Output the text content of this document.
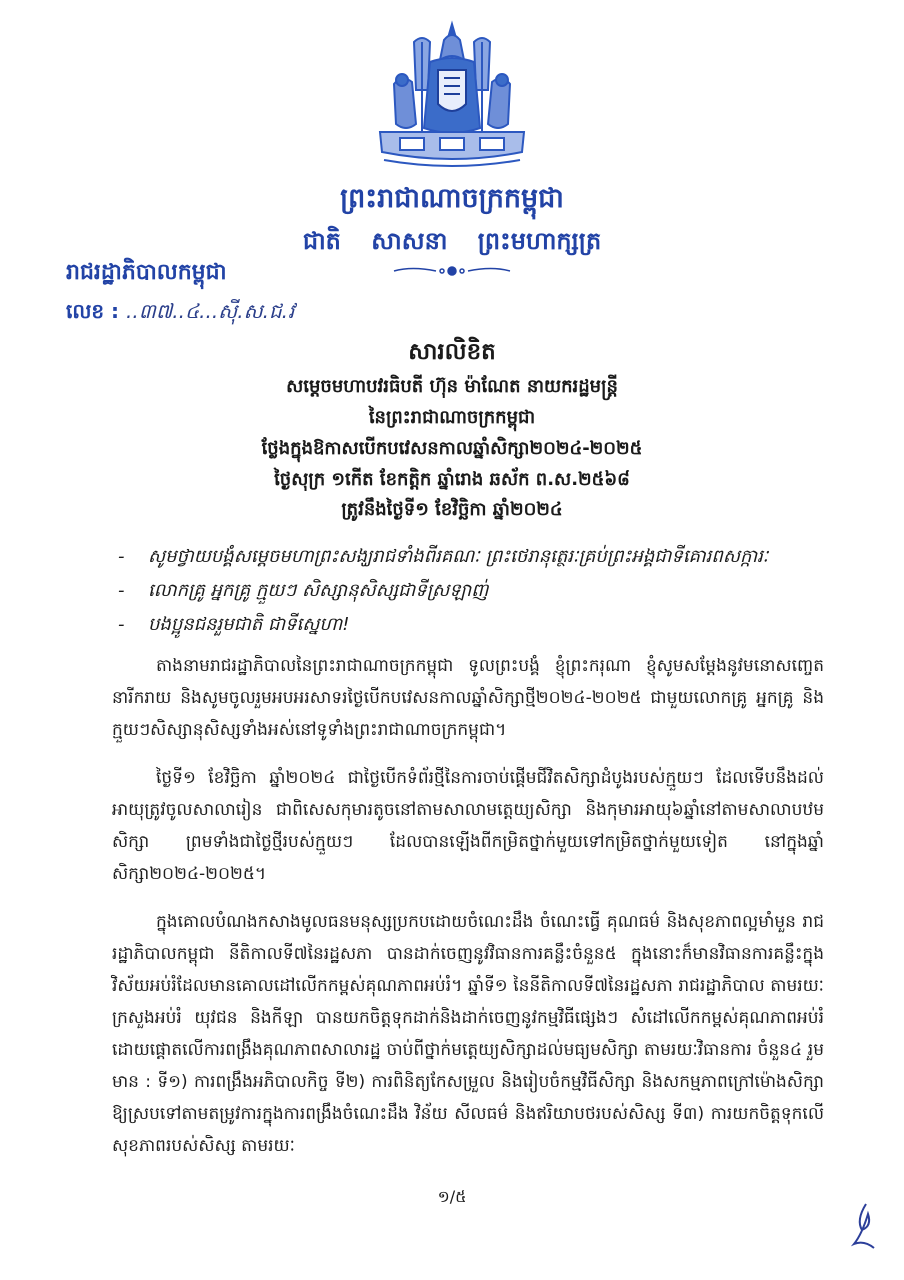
ព្រះរាជាណាចក្រកម្ពុជា
ជាតិ សាសនា ព្រះមហាក្សត្រ
រាជរដ្ឋាភិបាលកម្ពុជា
លេខ : ..៣៧..៤...ស៊ី.ស.ជ.វ
សារលិខិត
សម្ដេចមហាបវរធិបតី ហ៊ុន ម៉ាណែត នាយករដ្ឋមន្ត្រី
នៃព្រះរាជាណាចក្រកម្ពុជា
ថ្លែងក្នុងឱកាសបើកបវេសនកាលឆ្នាំសិក្សា២០២៤-២០២៥
ថ្ងៃសុក្រ ១កើត ខែកត្ដិក ឆ្នាំរោង ឆស័ក ព.ស.២៥៦៨
ត្រូវនឹងថ្ងៃទី១ ខែវិច្ឆិកា ឆ្នាំ២០២៤
- សូមថ្វាយបង្គំសម្ដេចមហាព្រះសង្ឃរាជទាំងពីរគណៈ ព្រះថេរានុត្ថេរៈគ្រប់ព្រះអង្គជាទីគោរពសក្ការៈ
- លោកគ្រូ អ្នកគ្រូ ក្មួយៗ សិស្សានុសិស្សជាទីស្រឡាញ់
- បងប្អូនជនរួមជាតិ ជាទីស្នេហា!
តាងនាមរាជរដ្ឋាភិបាលនៃព្រះរាជាណាចក្រកម្ពុជា ទូលព្រះបង្គំ ខ្ញុំព្រះករុណា ខ្ញុំសូមសម្ដែងនូវមនោសញ្ចេតនារីករាយ និងសូមចូលរួមអបអរសាទរថ្ងៃបើកបវេសនកាលឆ្នាំសិក្សាថ្មី២០២៤-២០២៥ ជាមួយលោកគ្រូ អ្នកគ្រូ និងក្មួយៗសិស្សានុសិស្សទាំងអស់នៅទូទាំងព្រះរាជាណាចក្រកម្ពុជា។
ថ្ងៃទី១ ខែវិច្ឆិកា ឆ្នាំ២០២៤ ជាថ្ងៃបើកទំព័រថ្មីនៃការចាប់ផ្ដើមជីវិតសិក្សាដំបូងរបស់ក្មួយៗ ដែលទើបនឹងដល់អាយុត្រូវចូលសាលារៀន ជាពិសេសកុមារតូចនៅតាមសាលាមត្តេយ្យសិក្សា និងកុមារអាយុ៦ឆ្នាំនៅតាមសាលាបឋមសិក្សា ព្រមទាំងជាថ្ងៃថ្មីរបស់ក្មួយៗ ដែលបានឡើងពីកម្រិតថ្នាក់មួយទៅកម្រិតថ្នាក់មួយទៀត នៅក្នុងឆ្នាំសិក្សា២០២៤-២០២៥។
ក្នុងគោលបំណងកសាងមូលធនមនុស្សប្រកបដោយចំណេះដឹង ចំណេះធ្វើ គុណធម៌ និងសុខភាពល្អមាំមួន រាជរដ្ឋាភិបាលកម្ពុជា នីតិកាលទី៧នៃរដ្ឋសភា បានដាក់ចេញនូវវិធានការគន្លឹះចំនួន៥ ក្នុងនោះក៏មានវិធានការគន្លឹះក្នុងវិស័យអប់រំដែលមានគោលដៅលើកកម្ពស់គុណភាពអប់រំ។ ឆ្នាំទី១ នៃនីតិកាលទី៧នៃរដ្ឋសភា រាជរដ្ឋាភិបាល តាមរយៈក្រសួងអប់រំ យុវជន និងកីឡា បានយកចិត្តទុកដាក់និងដាក់ចេញនូវកម្មវិធីផ្សេងៗ សំដៅលើកកម្ពស់គុណភាពអប់រំ ដោយផ្ដោតលើការពង្រឹងគុណភាពសាលារដ្ឋ ចាប់ពីថ្នាក់មត្តេយ្យសិក្សាដល់មធ្យមសិក្សា តាមរយៈវិធានការ ចំនួន៤ រួមមាន : ទី១) ការពង្រឹងអភិបាលកិច្ច ទី២) ការពិនិត្យកែសម្រួល និងរៀបចំកម្មវិធីសិក្សា និងសកម្មភាពក្រៅម៉ោងសិក្សា ឱ្យស្របទៅតាមតម្រូវការក្នុងការពង្រឹងចំណេះដឹង វិន័យ សីលធម៌ និងឥរិយាបថរបស់សិស្ស ទី៣) ការយកចិត្តទុកលើសុខភាពរបស់សិស្ស តាមរយៈ
១/៥
